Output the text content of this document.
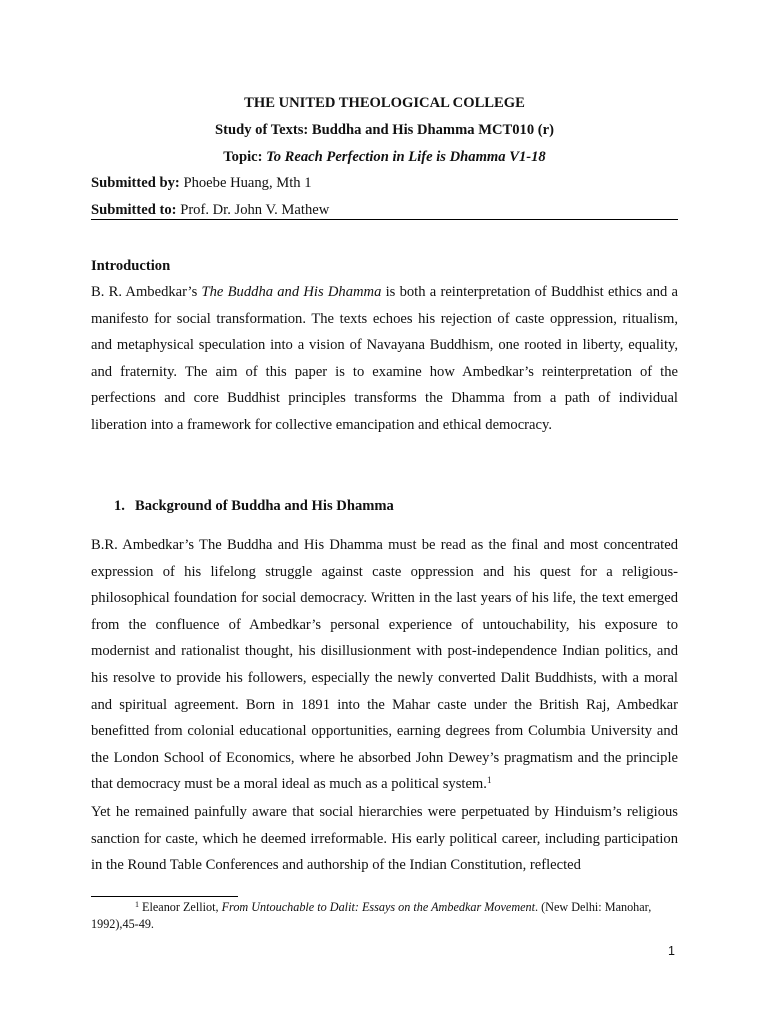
THE UNITED THEOLOGICAL COLLEGE
Study of Texts: Buddha and His Dhamma MCT010 (r)
Topic: To Reach Perfection in Life is Dhamma V1-18
Submitted by: Phoebe Huang, Mth 1
Submitted to: Prof. Dr. John V. Mathew
Introduction
B. R. Ambedkar’s The Buddha and His Dhamma is both a reinterpretation of Buddhist ethics and a manifesto for social transformation. The texts echoes his rejection of caste oppression, ritualism, and metaphysical speculation into a vision of Navayana Buddhism, one rooted in liberty, equality, and fraternity. The aim of this paper is to examine how Ambedkar’s reinterpretation of the perfections and core Buddhist principles transforms the Dhamma from a path of individual liberation into a framework for collective emancipation and ethical democracy.
1. Background of Buddha and His Dhamma
B.R. Ambedkar’s The Buddha and His Dhamma must be read as the final and most concentrated expression of his lifelong struggle against caste oppression and his quest for a religious-philosophical foundation for social democracy. Written in the last years of his life, the text emerged from the confluence of Ambedkar’s personal experience of untouchability, his exposure to modernist and rationalist thought, his disillusionment with post-independence Indian politics, and his resolve to provide his followers, especially the newly converted Dalit Buddhists, with a moral and spiritual agreement. Born in 1891 into the Mahar caste under the British Raj, Ambedkar benefitted from colonial educational opportunities, earning degrees from Columbia University and the London School of Economics, where he absorbed John Dewey’s pragmatism and the principle that democracy must be a moral ideal as much as a political system.$^1$
Yet he remained painfully aware that social hierarchies were perpetuated by Hinduism’s religious sanction for caste, which he deemed irreformable. His early political career, including participation in the Round Table Conferences and authorship of the Indian Constitution, reflected
$^1$ Eleanor Zelliot, From Untouchable to Dalit: Essays on the Ambedkar Movement. (New Delhi: Manohar, 1992),45-49.
1
